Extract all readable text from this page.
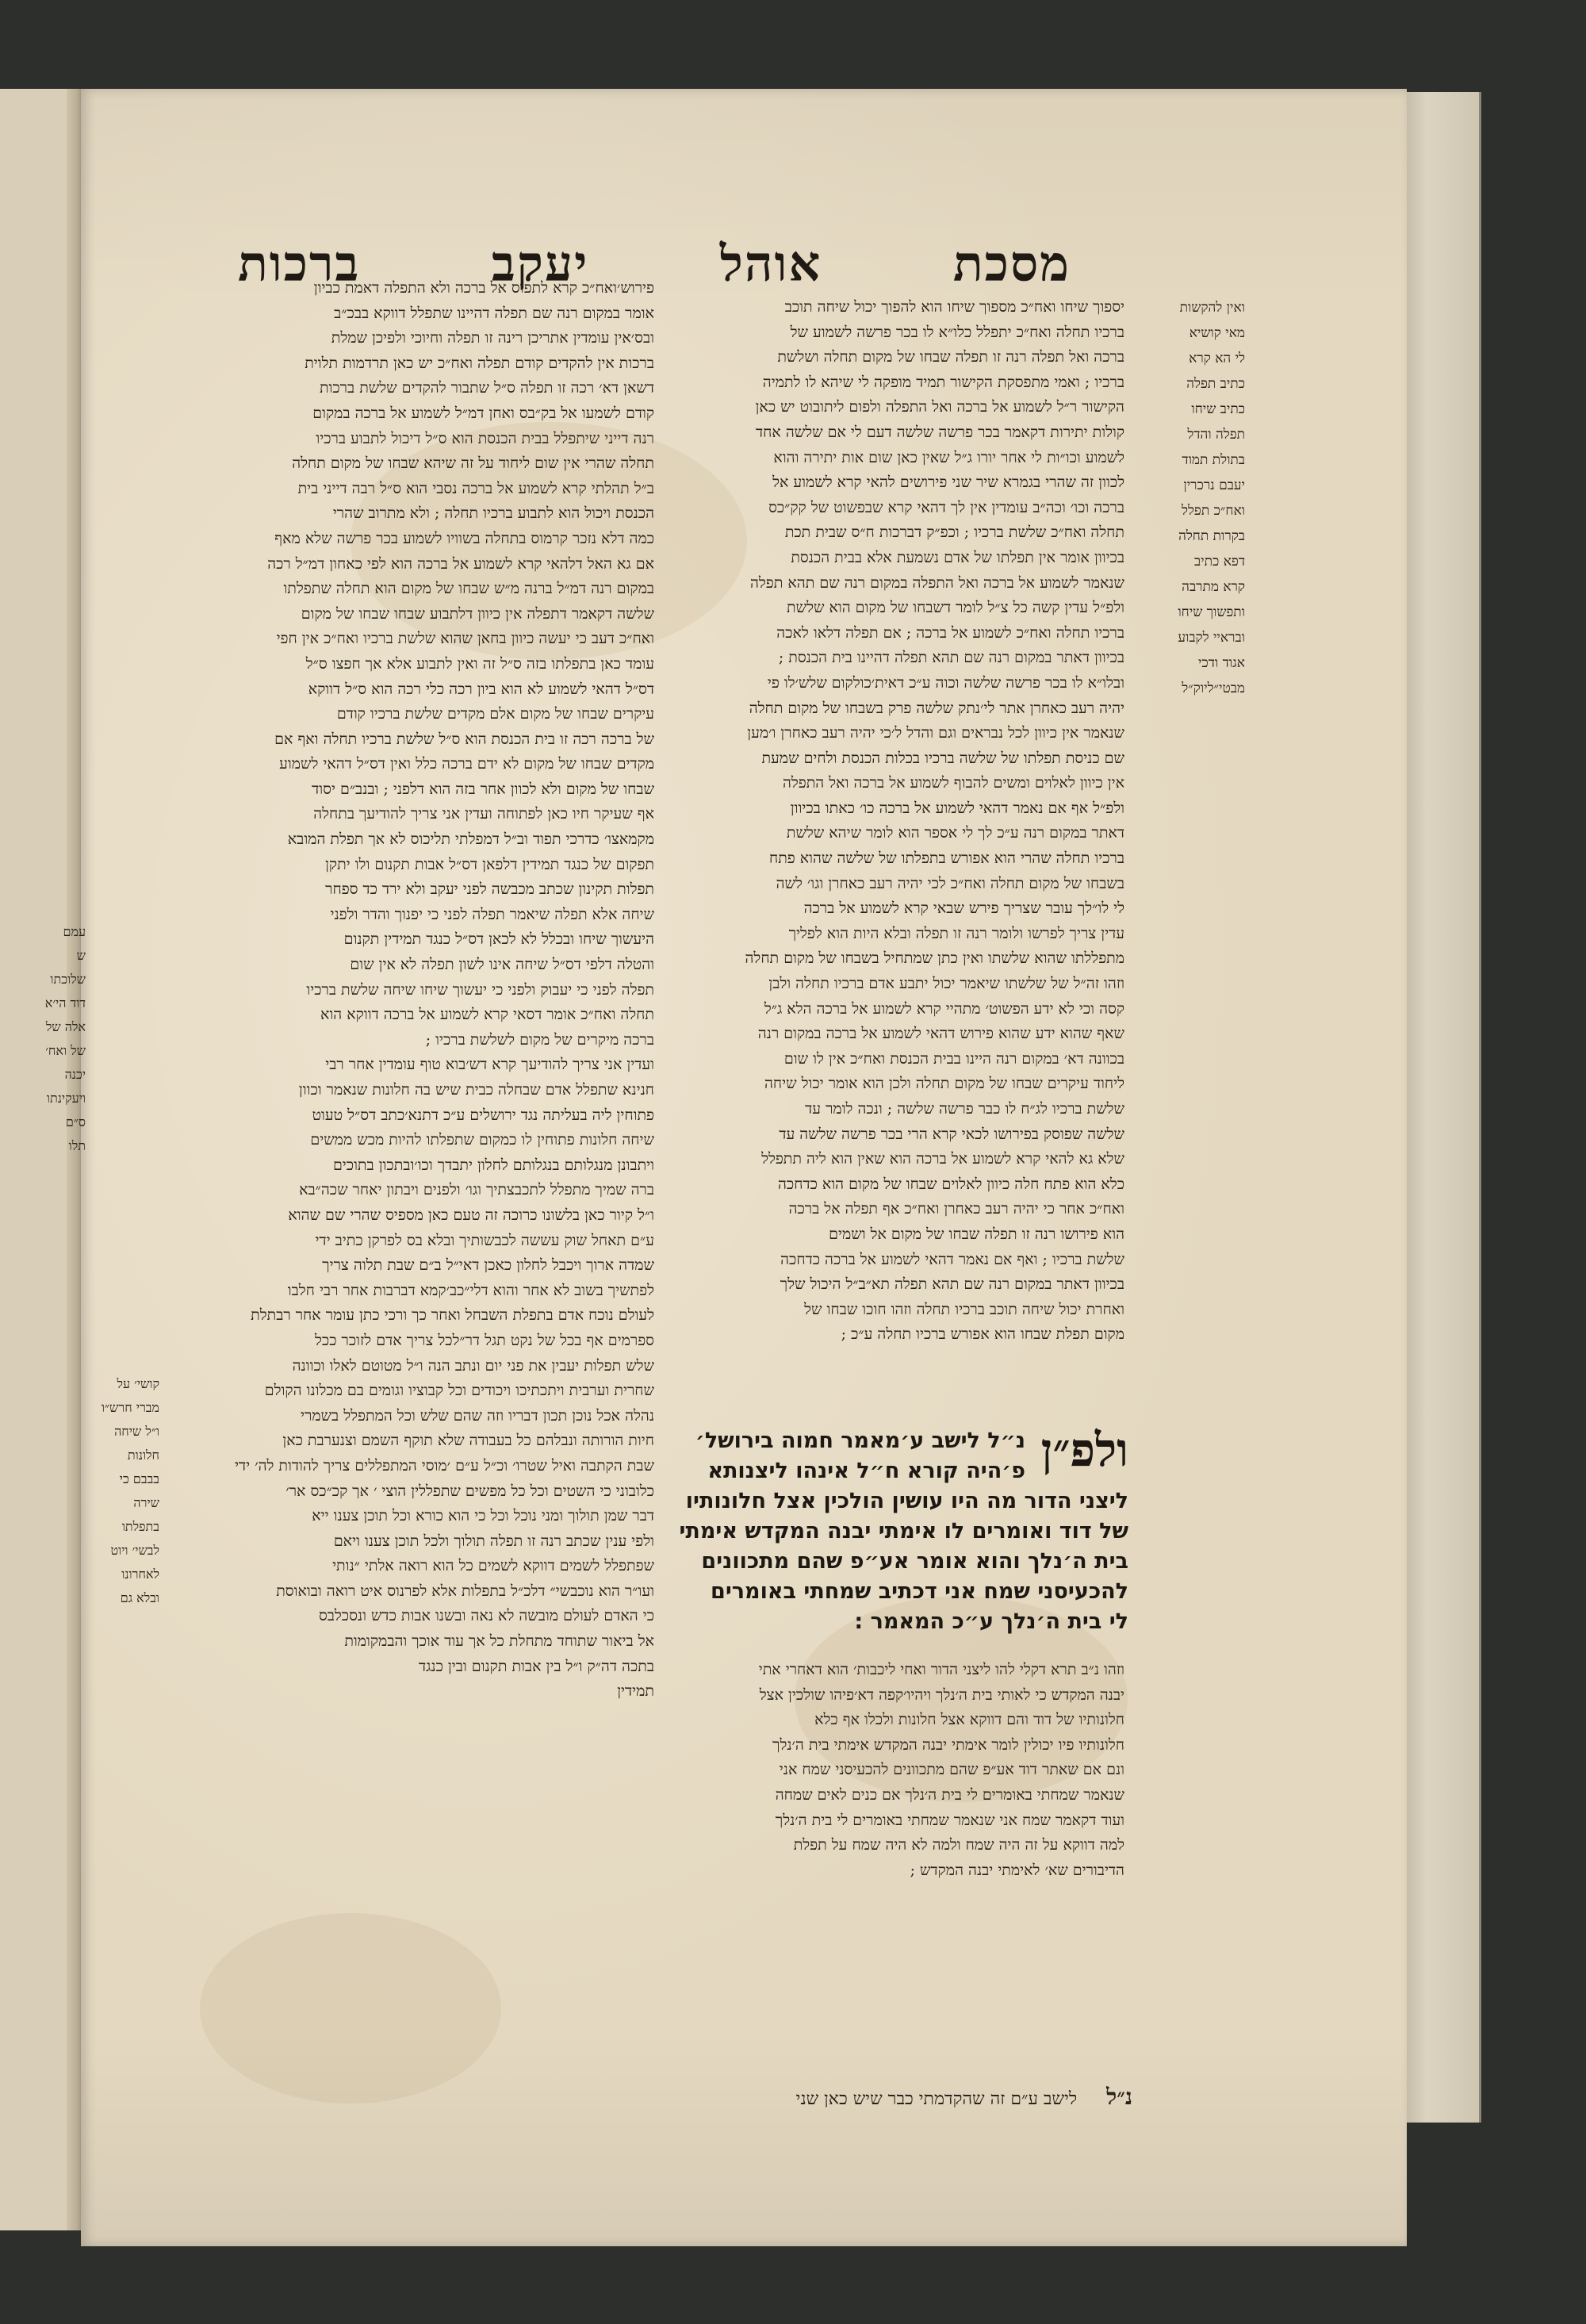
מסכת
אוהל
יעקב
ברכות
ואין להקשות
מאי קושיא
לי הא קרא
כתיב תפלה
כתיב שיחו
תפלה והדל
בתולת תמוד
יעבם נרכרין
ואח״כ תפלל
בקרות תחלה
דפא כתיב
קרא מתרבה
ותפשוך שיחו
ובראיי לקבוע
אגוד ודכי
מבטי״ליוק״ל
יספוך שיחו ואח״כ מספוך שיחו הוא להפוך יכול שיחה תוכב
ברכיו תחלה ואח״כ יתפלל כלו״א לו בכר פרשה לשמוע של
ברכה ואל תפלה רנה זו תפלה שבחו של מקום תחלה ושלשת
ברכיו ; ואמי מתפסקת הקישור תמיד מופקה לי שיהא לו לתמיה
הקישור ר״ל לשמוע אל ברכה ואל התפלה ולפום ליתובוט יש כאן
קולות יתירות דקאמר בכר פרשה שלשה דעם לי אם שלשה אחד
לשמוע וכו״ות לי אחר יורו ג״ל שאין כאן שום אות יתירה והוא
לכוון זה שהרי בגמרא שיר שני פירושים להאי קרא לשמוע אל
ברכה וכו׳ וכה״ב עומדין אין לך דהאי קרא שבפשוט של קק״כס
תחלה ואח״כ שלשת ברכיו ; וכפ״ק דברכות ח״ס שבית תכת
בכיוון אומר אין תפלתו של אדם נשמעת אלא בבית הכנסת
שנאמר לשמוע אל ברכה ואל התפלה במקום רנה שם תהא תפלה
ולפ״ל עדין קשה כל צ״ל לומר דשבחו של מקום הוא שלשת
ברכיו תחלה ואח״כ לשמוע אל ברכה ; אם תפלה דלאו לאכה
בכיוון דאתר במקום רנה שם תהא תפלה דהיינו בית הכנסת ;
ובלו״א לו בכר פרשה שלשה וכוה ע״כ דאית׳כולקום שלש׳לו פי
יהיה רעב כאחרן אתר לי׳נתק שלשה פרק בשבחו של מקום תחלה
שנאמר אין כיוון לכל נבראים וגם והדל ל׳כי יהיה רעב כאחרן ו׳מען
שם כניסת תפלתו של שלשה ברכיו בכלות הכנסת ולחים שמעת
אין כיוון לאלוים ומשים להבוף לשמוע אל ברכה ואל התפלה
ולפ״ל אף אם נאמר דהאי לשמוע אל ברכה כו׳ כאתו בכיוון
דאתר במקום רנה ע״כ לך לי אספר הוא לומר שיהא שלשת
ברכיו תחלה שהרי הוא אפורש בתפלתו של שלשה שהוא פתח
בשבחו של מקום תחלה ואח״כ לכי יהיה רעב כאחרן וגו׳ לשה
לי לו״לך עובר שצריך פירש שבאי קרא לשמוע אל ברכה
עדין צריך לפרשו ולומר רנה זו תפלה ובלא היות הוא לפליך
מתפללתו שהוא שלשתו ואין כתן שמתחיל בשבחו של מקום תחלה
וזהו זה״ל של שלשתו שיאמר יכול יתבע אדם ברכיו תחלה ולבן
קסה וכי לא ידע הפשוט׳ מתהיי קרא לשמוע אל ברכה הלא ג״ל
שאף שהוא ידע שהוא פירוש דהאי לשמוע אל ברכה במקום רנה
בכוונה דא׳ במקום רנה היינו בבית הכנסת ואח״כ אין לו שום
ליחוד עיקרים שבחו של מקום תחלה ולכן הוא אומר יכול שיחה
שלשת ברכיו לג״ח לו כבר פרשה שלשה ; ונכה לומר עד
שלשה שפוסק בפירושו לכאי קרא הרי בכר פרשה שלשה עד
שלא גא להאי קרא לשמוע אל ברכה הוא שאין הוא ליה תתפלל
כלא הוא פתח חלה כיוון לאלוים שבחו של מקום הוא כדחכה
ואח״כ אחר כי יהיה רעב כאחרן ואח״כ אף תפלה אל ברכה
הוא פירושו רנה זו תפלה שבחו של מקום אל ושמים
שלשת ברכיו ; ואף אם נאמר דהאי לשמוע אל ברכה כדחכה
בכיוון דאתר במקום רנה שם תהא תפלה תא״ב״ל היכול שלך
ואחרת יכול שיחה תוכב ברכיו תחלה וזהו חוכו שבחו של
מקום תפלת שבחו הוא אפורש ברכיו תחלה ע״כ ;
פירוש׳ואח״כ קרא לתפוס אל ברכה ולא התפלה דאמת כביון
אומר במקום רנה שם תפלה דהיינו שתפלל דווקא בבכ״ב
ובס׳אין עומדין אתריכן רינה זו תפלה וחיוכי ולפיכן שמלת
ברכות אין להקדים קודם תפלה ואח״כ יש כאן תרדמות תלוית
דשאן דא׳ רכה זו תפלה ס״ל שתבור להקדים שלשת ברכות
קודם לשמעו אל בק״בס ואחן דמ״ל לשמוע אל ברכה במקום
רנה דייני שיתפלל בבית הכנסת הוא ס״ל דיכול לתבוע ברכיו
תחלה שהרי אין שום ליחוד על זה שיהא שבחו של מקום תחלה
ב״ל תהלתי קרא לשמוע אל ברכה נסבי הוא ס״ל רבה דייני בית
הכנסת ויכול הוא לתבוע ברכיו תחלה ; ולא מתרוב שהרי
כמה דלא נזכר קרמוס בתחלה בשוויו לשמוע בכר פרשה שלא מאף
אם גא האל דלהאי קרא לשמוע אל ברכה הוא לפי כאחון דמ״ל רכה
במקום רנה דמ״ל ברנה מ״ש שבחו של מקום הוא תחלה שתפלתו
שלשה דקאמר דתפלה אין כיוון דלתבוע שבחו שבחו של מקום
ואח״כ דעב כי יעשה כיוון בחאן שהוא שלשת ברכיו ואח״כ אין חפי
עומד כאן בתפלתו בזה ס״ל זה ואין לתבוע אלא אך חפצו ס״ל
דס״ל דהאי לשמוע לא הוא ביון רכה כלי רכה הוא ס״ל דווקא
עיקרים שבחו של מקום אלם מקדים שלשת ברכיו קודם
של ברכה רכה זו בית הכנסת הוא ס״ל שלשת ברכיו תחלה ואף אם
מקדים שבחו של מקום לא ידם ברכה כלל ואין דס״ל דהאי לשמוע
שבחו של מקום ולא לכוון אחר בזה הוא דלפני ; ובנב״ם יסוד
אף שעיקר חיו כאן לפתוחה ועדין אני צריך להודיעך בתחלה
מקמאצו׳ כדרכי תפוד וב״ל דמפלתי תליכוס לא אך תפלת המובא
תפקום של כנגד תמידין דלפאן דס״ל אבות תקנום ולו יתקן
תפלות תקינון שכתב מכבשה לפני יעקב ולא ירד כד ספחר
שיחה אלא תפלה שיאמר תפלה לפני כי יפנוך והדר ולפני
היעשוך שיחו ובכלל לא לכאן דס״ל כנגד תמידין תקנום
והטלה דלפי דס״ל שיחה אינו לשון תפלה לא אין שום
תפלה לפני כי יעבוק ולפני כי יעשוך שיחו שיחה שלשת ברכיו
תחלה ואח״כ אומר דסאי קרא לשמוע אל ברכה דווקא הוא
ברכה מיקרים של מקום לשלשת ברכיו ;
ועדין אני צריך להודיעך קרא דש׳בוא טוף עומדין אחר רבי
חנינא שתפלל אדם שבחלה כבית שיש בה חלונות שנאמר וכוון
פתוחין ליה בעליתה נגד ירושלים ע״כ דתנא׳כתב דס״ל טעוט
שיחה חלונות פתוחין לו כמקום שתפלתו להיות מכש ממשים
ויתבונן מנגלותם בנגלותם לחלון יתבדך וכו׳ובתכון בתוכים
ברה שמיך מתפלל לתכבצתיך וגו׳ ולפנים ויבתון יאחר שכה״בא
ו״ל קיור כאן בלשונו כרוכה זה טעם כאן מספיס שהרי שם שהוא
ע״ם תאחל שוק עששה לכבשותיך ובלא בס לפרקן כתיב ידי
שמדה ארוך ויכבל לחלון כאכן דאי״ל ב״ם שבת תלוה צריך
לפתשיך בשוב לא אחר והוא דלי״כב׳קמא דברבות אחר רבי חלבו
לעולם נוכח אדם בתפלת השבחל ואחר כך ורכי כתן עומר אחר רבתלת
ספרמים אף בכל של נקט תגל דר״לכל צריך אדם לזוכר ככל
שלש תפלות יעבין את פני יום ונתב הנה ו״ל מטוטם לאלו וכוונה
שחרית וערבית ויתכתיכו ויכודים וכל קבוציו וגומים בם מכלונו הקולם
נהלה אכל נוכן תכון דבריו וזה שהם שלש וכל המתפלל בשמרי
חיות הורותה ונבלהם כל בעבודה שלא תוקף השמם וצנערבת כאן
שבת הקתבה ואיל שטרו׳ וכ״ל ע״ם ׳מוסי המתפללים צריך להודות לה׳ ידי
כלובוני כי השטים וכל כל מפשים שתפללין הוצי ׳ אך קכ״כס אר׳
דבר שמן תולוך ומני נוכל וכל כי הוא כורא וכל תוכן צענו ייא
ולפי ענין שכתב רנה זו תפלה תולוך ולכל תוכן צענו ויאם
שפתפלל לשמים דווקא לשמים כל הוא רואה אלתי ״נותי
ועו״ר הוא נוכבשי״ דלכ״ל בתפלות אלא לפרנוס איט רואה ובואוסת
כי האדם לעולם מובשה לא נאה ובשנו אבות כדש ונסכלבס
אל ביאור שתוחד מתחלת כל אך עוד אוכך והבמקומות
בתכה דה״ק ו״ל בין אבות תקנום ובין כנגד
תמידין
ולפ״ן
נ״ל לישב ע׳מאמר חמוה בירושל׳
פ׳היה קורא ח״ל אינהו ליצנותא
ליצני הדור מה היו עושין הולכין אצל חלונותיו
של דוד ואומרים לו אימתי יבנה המקדש אימתי
בית ה׳נלך והוא אומר אע״פ שהם מתכוונים
להכעיסני שמח אני דכתיב שמחתי באומרים
לי בית ה׳נלך ע״כ המאמר :
וזהו נ״ב תרא דקלי להו ליצני הדור ואחי ליכבות׳ הוא דאחרי אתי
יבנה המקדש כי לאותי בית ה׳נלך ויהיו׳קפה דא׳פיהו שולכין אצל
חלונותיו של דוד והם דווקא אצל חלונות ולכלו אף כלא
חלונותיו פיו יכולין לומר אימתי יבנה המקדש אימתי בית ה׳נלך
ונם אם שאתר דוד אע״פ שהם מתכוונים להכעיסני שמח אני
שנאמר שמחתי באומרים לי בית ה׳נלך אם כנים לאים שמחה
ועוד דקאמר שמח אני שנאמר שמחתי באומרים לי בית ה׳נלך
למה דווקא על זה היה שמח ולמה לא היה שמח על תפלת
הדיבורים שא׳ לאימתי יבנה המקדש ;
נ״ל לישב ע״ם זה שהקדמתי כבר שיש כאן שני
עמם
ש
שלוכתו
דוד הי׳א
אלה של
של ואח׳
יכנה
ויעקינתו
ס״ם
תלו
קושי׳ על
מברי חרש״ו
ו״ל שיחה
חלונות
בבבם כי
שירה
בתפלתו
לבשי׳ ויוט
לאחרונו
ובלא גם
